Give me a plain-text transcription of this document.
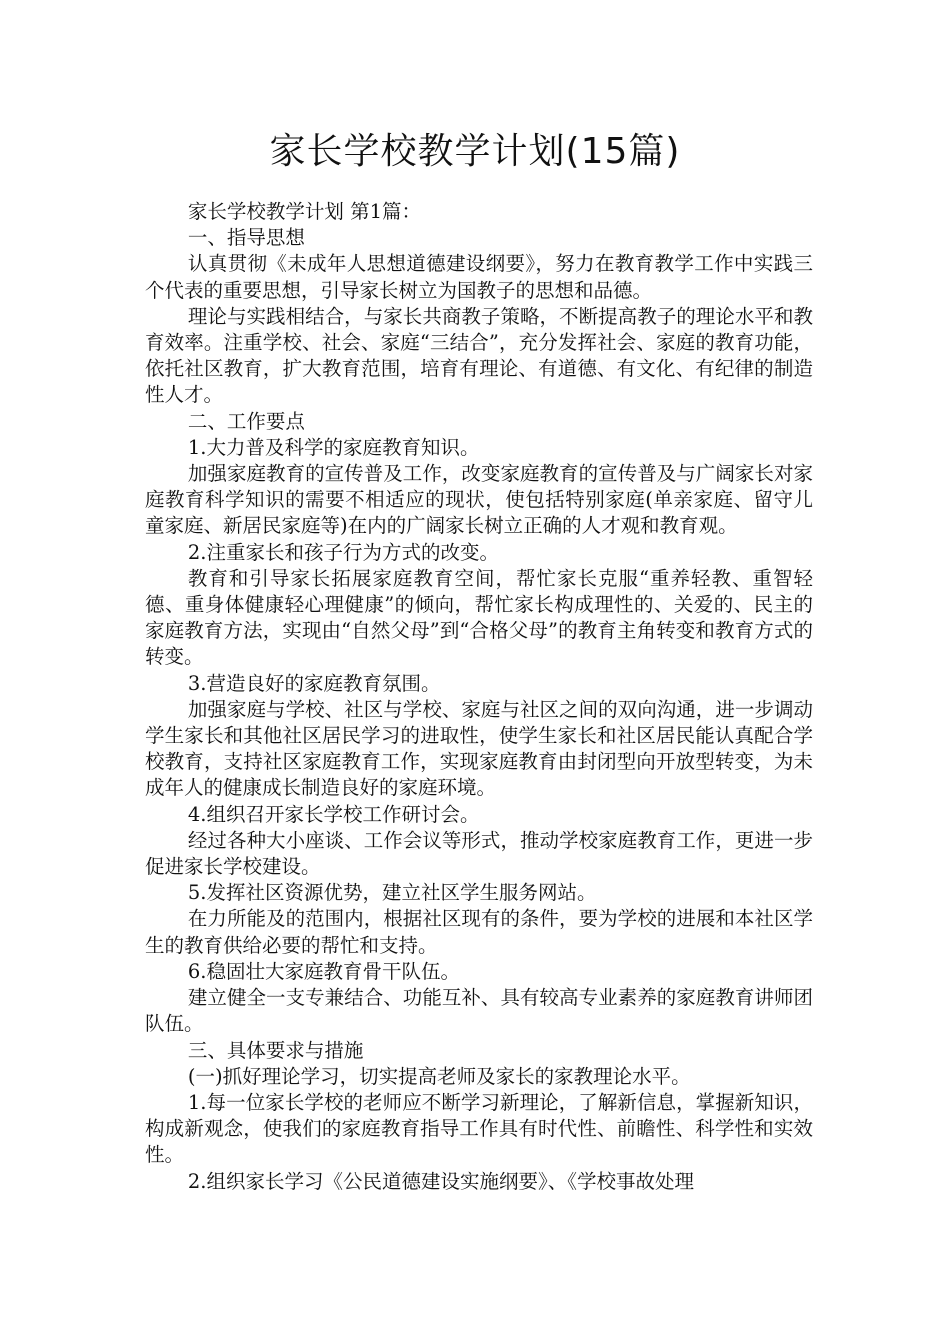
家长学校教学计划(15篇)

家长学校教学计划 第1篇：

一、指导思想

认真贯彻《未成年人思想道德建设纲要》，努力在教育教学工作中实践三个代表的重要思想，引导家长树立为国教子的思想和品德。

理论与实践相结合，与家长共商教子策略，不断提高教子的理论水平和教育效率。注重学校、社会、家庭“三结合”，充分发挥社会、家庭的教育功能，依托社区教育，扩大教育范围，培育有理论、有道德、有文化、有纪律的制造性人才。

二、工作要点

1.大力普及科学的家庭教育知识。

加强家庭教育的宣传普及工作，改变家庭教育的宣传普及与广阔家长对家庭教育科学知识的需要不相适应的现状，使包括特别家庭(单亲家庭、留守儿童家庭、新居民家庭等)在内的广阔家长树立正确的人才观和教育观。

2.注重家长和孩子行为方式的改变。

教育和引导家长拓展家庭教育空间，帮忙家长克服“重养轻教、重智轻德、重身体健康轻心理健康”的倾向，帮忙家长构成理性的、关爱的、民主的家庭教育方法，实现由“自然父母”到“合格父母”的教育主角转变和教育方式的转变。

3.营造良好的家庭教育氛围。

加强家庭与学校、社区与学校、家庭与社区之间的双向沟通，进一步调动学生家长和其他社区居民学习的进取性，使学生家长和社区居民能认真配合学校教育，支持社区家庭教育工作，实现家庭教育由封闭型向开放型转变，为未成年人的健康成长制造良好的家庭环境。

4.组织召开家长学校工作研讨会。

经过各种大小座谈、工作会议等形式，推动学校家庭教育工作，更进一步促进家长学校建设。

5.发挥社区资源优势，建立社区学生服务网站。

在力所能及的范围内，根据社区现有的条件，要为学校的进展和本社区学生的教育供给必要的帮忙和支持。

6.稳固壮大家庭教育骨干队伍。

建立健全一支专兼结合、功能互补、具有较高专业素养的家庭教育讲师团队伍。

三、具体要求与措施

(一)抓好理论学习，切实提高老师及家长的家教理论水平。

1.每一位家长学校的老师应不断学习新理论，了解新信息，掌握新知识，构成新观念，使我们的家庭教育指导工作具有时代性、前瞻性、科学性和实效性。

2.组织家长学习《公民道德建设实施纲要》、《学校事故处理
